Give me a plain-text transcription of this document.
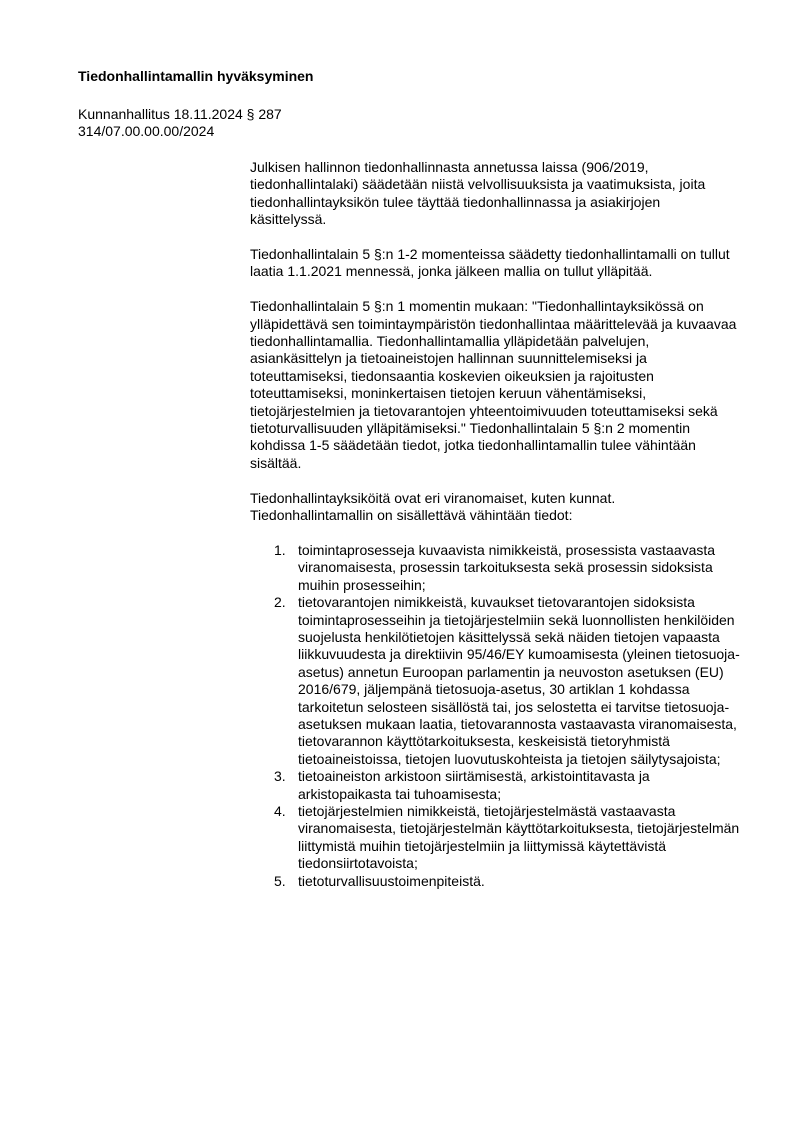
Tiedonhallintamallin hyväksyminen
Kunnanhallitus 18.11.2024 § 287
314/07.00.00.00/2024

Julkisen hallinnon tiedonhallinnasta annetussa laissa (906/2019, tiedonhallintalaki) säädetään niistä velvollisuuksista ja vaatimuksista, joita tiedonhallintayksikön tulee täyttää tiedonhallinnassa ja asiakirjojen käsittelyssä.

Tiedonhallintalain 5 §:n 1-2 momenteissa säädetty tiedonhallintamalli on tullut laatia 1.1.2021 mennessä, jonka jälkeen mallia on tullut ylläpitää.

Tiedonhallintalain 5 §:n 1 momentin mukaan: "Tiedonhallintayksikössä on ylläpidettävä sen toimintaympäristön tiedonhallintaa määrittelevää ja kuvaavaa tiedonhallintamallia. Tiedonhallintamallia ylläpidetään palvelujen, asiankäsittelyn ja tietoaineistojen hallinnan suunnittelemiseksi ja toteuttamiseksi, tiedonsaantia koskevien oikeuksien ja rajoitusten toteuttamiseksi, moninkertaisen tietojen keruun vähentämiseksi, tietojärjestelmien ja tietovarantojen yhteentoimivuuden toteuttamiseksi sekä tietoturvallisuuden ylläpitämiseksi." Tiedonhallintalain 5 §:n 2 momentin kohdissa 1-5 säädetään tiedot, jotka tiedonhallintamallin tulee vähintään sisältää.

Tiedonhallintayksiköitä ovat eri viranomaiset, kuten kunnat. Tiedonhallintamallin on sisällettävä vähintään tiedot:

1. toimintaprosesseja kuvaavista nimikkeistä, prosessista vastaavasta viranomaisesta, prosessin tarkoituksesta sekä prosessin sidoksista muihin prosesseihin;
2. tietovarantojen nimikkeistä, kuvaukset tietovarantojen sidoksista toimintaprosesseihin ja tietojärjestelmiin sekä luonnollisten henkilöiden suojelusta henkilötietojen käsittelyssä sekä näiden tietojen vapaasta liikkuvuudesta ja direktiivin 95/46/EY kumoamisesta (yleinen tietosuoja-asetus) annetun Euroopan parlamentin ja neuvoston asetuksen (EU) 2016/679, jäljempänä tietosuoja-asetus, 30 artiklan 1 kohdassa tarkoitetun selosteen sisällöstä tai, jos selostetta ei tarvitse tietosuoja-asetuksen mukaan laatia, tietovarannosta vastaavasta viranomaisesta, tietovarannon käyttötarkoituksesta, keskeisistä tietoryhmistä tietoaineistoissa, tietojen luovutuskohteista ja tietojen säilytysajoista;
3. tietoaineiston arkistoon siirtämisestä, arkistointitavasta ja arkistopaikasta tai tuhoamisesta;
4. tietojärjestelmien nimikkeistä, tietojärjestelmästä vastaavasta viranomaisesta, tietojärjestelmän käyttötarkoituksesta, tietojärjestelmän liittymistä muihin tietojärjestelmiin ja liittymissä käytettävistä tiedonsiirtotavoista;
5. tietoturvallisuustoimenpiteistä.
